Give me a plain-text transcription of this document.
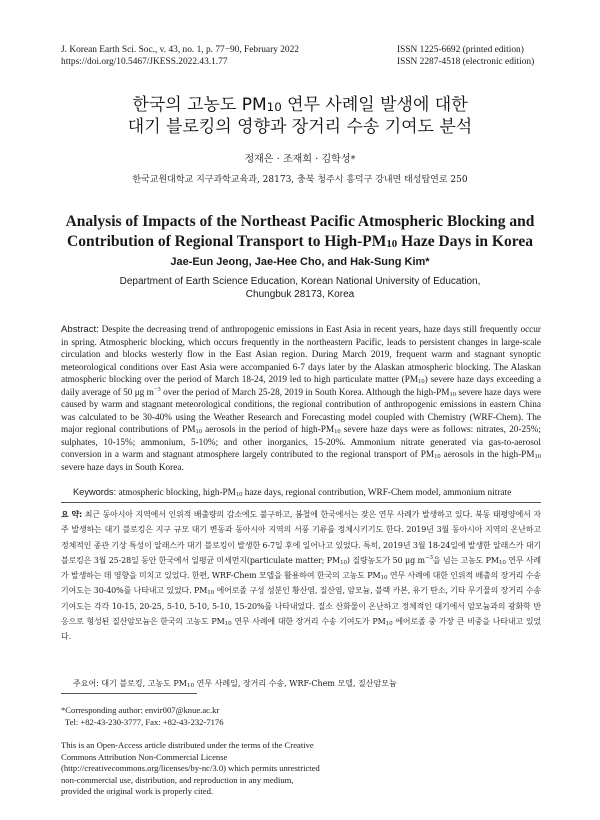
J. Korean Earth Sci. Soc., v. 43, no. 1, p. 77−90, February 2022
https://doi.org/10.5467/JKESS.2022.43.1.77
ISSN 1225-6692 (printed edition)
ISSN 2287-4518 (electronic edition)
한국의 고농도 $PM_{10}$ 연무 사례일 발생에 대한
대기 블로킹의 영향과 장거리 수송 기여도 분석
정재은 · 조재희 · 김학성*
한국교원대학교 지구과학교육과, 28173, 충북 청주시 흥덕구 강내면 태성탑연로 250
Analysis of Impacts of the Northeast Pacific Atmospheric Blocking and
Contribution of Regional Transport to High-$PM_{10}$ Haze Days in Korea
Jae-Eun Jeong, Jae-Hee Cho, and Hak-Sung Kim*
Department of Earth Science Education, Korean National University of Education,
Chungbuk 28173, Korea
Abstract: Despite the decreasing trend of anthropogenic emissions in East Asia in recent years, haze days still frequently occur in spring. Atmospheric blocking, which occurs frequently in the northeastern Pacific, leads to persistent changes in large-scale circulation and blocks westerly flow in the East Asian region. During March 2019, frequent warm and stagnant synoptic meteorological conditions over East Asia were accompanied 6-7 days later by the Alaskan atmospheric blocking. The Alaskan atmospheric blocking over the period of March 18-24, 2019 led to high particulate matter $(PM_{10})$ severe haze days exceeding a daily average of 50 μg $m^{-3}$ over the period of March 25-28, 2019 in South Korea. Although the high-$PM_{10}$ severe haze days were caused by warm and stagnant meteorological conditions, the regional contribution of anthropogenic emissions in eastern China was calculated to be 30-40% using the Weather Research and Forecasting model coupled with Chemistry (WRF-Chem). The major regional contributions of $PM_{10}$ aerosols in the period of high-$PM_{10}$ severe haze days were as follows: nitrates, 20-25%; sulphates, 10-15%; ammonium, 5-10%; and other inorganics, 15-20%. Ammonium nitrate generated via gas-to-aerosol conversion in a warm and stagnant atmosphere largely contributed to the regional transport of $PM_{10}$ aerosols in the high-$PM_{10}$ severe haze days in South Korea.
Keywords: atmospheric blocking, high-$PM_{10}$ haze days, regional contribution, WRF-Chem model, ammonium nitrate
요 약: 최근 동아시아 지역에서 인위적 배출량의 감소에도 불구하고, 봄철에 한국에서는 잦은 연무 사례가 발생하고 있다. 북동 태평양에서 자주 발생하는 대기 블로킹은 지구 규모 대기 변동과 동아시아 지역의 서풍 기류를 정체시키기도 한다. 2019년 3월 동아시아 지역의 온난하고 정체적인 종관 기상 특성이 알래스카 대기 블로킹이 발생한 6-7일 후에 일어나고 있었다. 특히, 2019년 3월 18-24일에 발생한 알래스카 대기 블로킹은 3월 25-28일 동안 한국에서 일평균 미세먼지(particulate matter; $PM_{10}$) 질량농도가 50 μg $m^{-3}$을 넘는 고농도 $PM_{10}$ 연무 사례가 발생하는 데 영향을 미치고 있었다. 한편, WRF-Chem 모델을 활용하여 한국의 고농도 $PM_{10}$ 연무 사례에 대한 인위적 배출의 장거리 수송 기여도는 30-40%를 나타내고 있었다. $PM_{10}$ 에어로졸 구성 성분인 황산염, 질산염, 암모늄, 블랙 카본, 유기 탄소, 기타 무기물의 장거리 수송 기여도는 각각 10-15, 20-25, 5-10, 5-10, 5-10, 15-20%를 나타내었다. 질소 산화물이 온난하고 정체적인 대기에서 암모늄과의 광화학 반응으로 형성된 질산암모늄은 한국의 고농도 $PM_{10}$ 연무 사례에 대한 장거리 수송 기여도가 $PM_{10}$ 에어로졸 중 가장 큰 비중을 나타내고 있었다.
주요어: 대기 블로킹, 고농도 $PM_{10}$ 연무 사례일, 장거리 수송, WRF-Chem 모델, 질산암모늄
*Corresponding author: envir007@knue.ac.kr
Tel: +82-43-230-3777, Fax: +82-43-232-7176
This is an Open-Access article distributed under the terms of the Creative Commons Attribution Non-Commercial License (http://creativecommons.org/licenses/by-nc/3.0) which permits unrestricted non-commercial use, distribution, and reproduction in any medium, provided the original work is properly cited.
